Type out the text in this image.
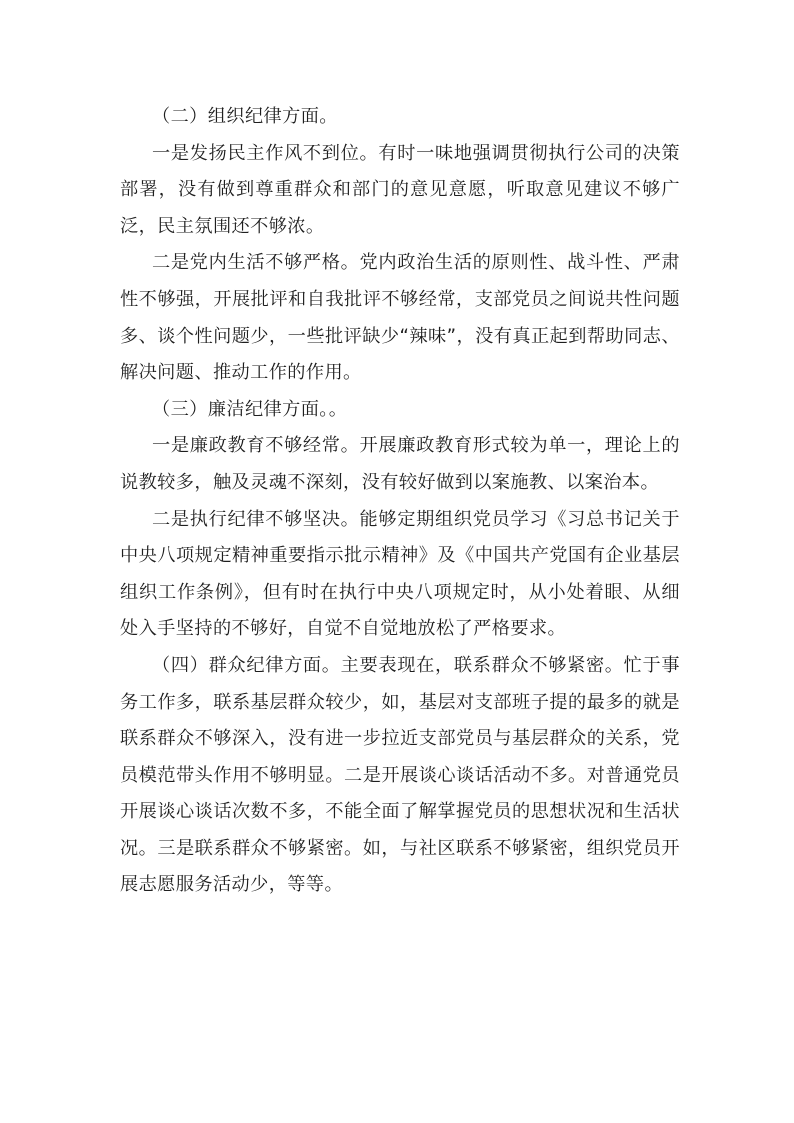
（二）组织纪律方面。

一是发扬民主作风不到位。有时一味地强调贯彻执行公司的决策部署，没有做到尊重群众和部门的意见意愿，听取意见建议不够广泛，民主氛围还不够浓。

二是党内生活不够严格。党内政治生活的原则性、战斗性、严肃性不够强，开展批评和自我批评不够经常，支部党员之间说共性问题多、谈个性问题少，一些批评缺少“辣味”，没有真正起到帮助同志、解决问题、推动工作的作用。

（三）廉洁纪律方面。。

一是廉政教育不够经常。开展廉政教育形式较为单一，理论上的说教较多，触及灵魂不深刻，没有较好做到以案施教、以案治本。

二是执行纪律不够坚决。能够定期组织党员学习《习总书记关于中央八项规定精神重要指示批示精神》及《中国共产党国有企业基层组织工作条例》，但有时在执行中央八项规定时，从小处着眼、从细处入手坚持的不够好，自觉不自觉地放松了严格要求。

（四）群众纪律方面。主要表现在，联系群众不够紧密。忙于事务工作多，联系基层群众较少，如，基层对支部班子提的最多的就是联系群众不够深入，没有进一步拉近支部党员与基层群众的关系，党员模范带头作用不够明显。二是开展谈心谈话活动不多。对普通党员开展谈心谈话次数不多，不能全面了解掌握党员的思想状况和生活状况。三是联系群众不够紧密。如，与社区联系不够紧密，组织党员开展志愿服务活动少，等等。
